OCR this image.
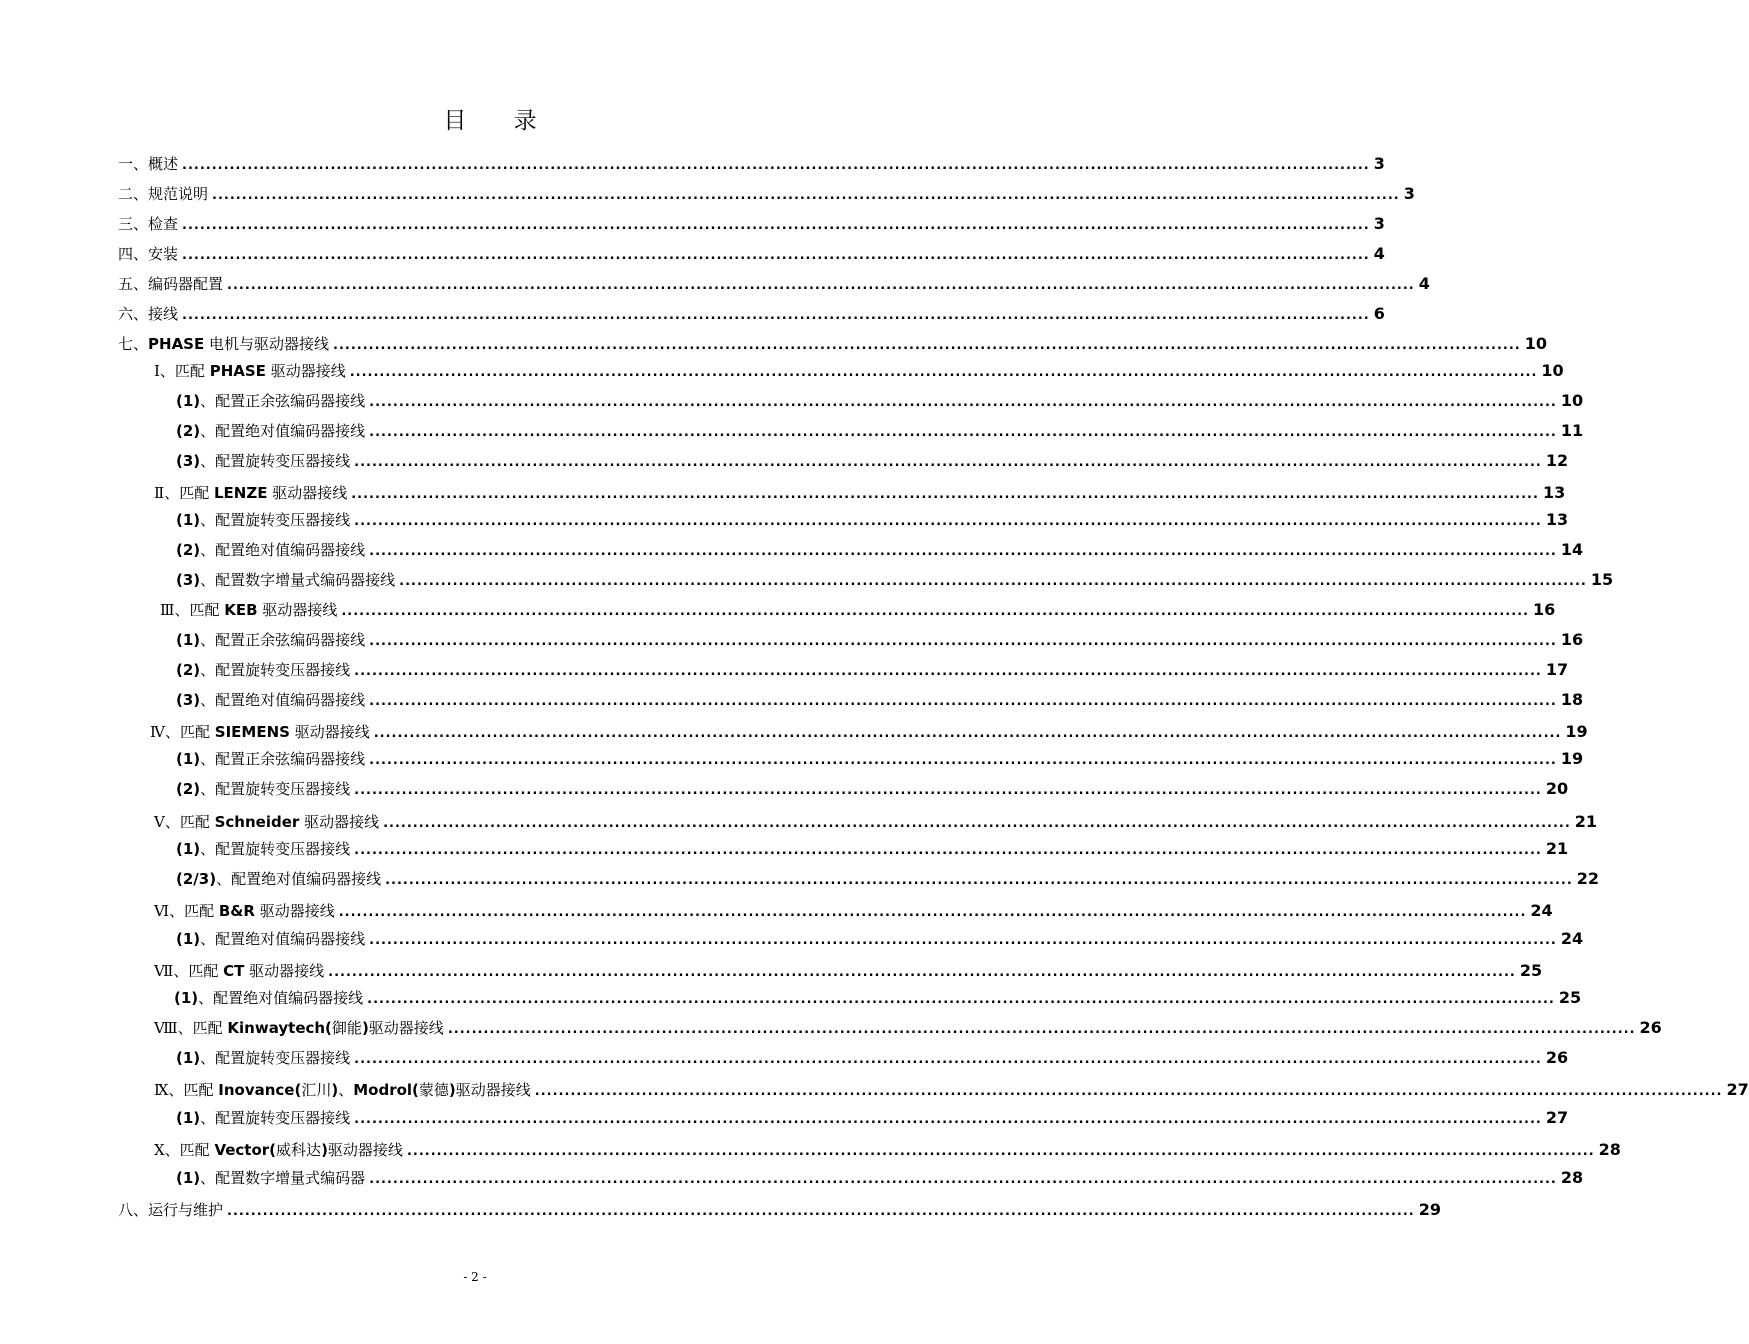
目 录
一、概述 ........................................................................................................................................................................................................ 3
二、规范说明 ........................................................................................................................................................................................................ 3
三、检查 ........................................................................................................................................................................................................ 3
四、安装 ........................................................................................................................................................................................................ 4
五、编码器配置 ........................................................................................................................................................................................................ 4
六、接线 ........................................................................................................................................................................................................ 6
七、PHASE 电机与驱动器接线 ........................................................................................................................................................................................................ 10
Ⅰ、匹配 PHASE 驱动器接线 ........................................................................................................................................................................................................ 10
(1)、配置正余弦编码器接线 ........................................................................................................................................................................................................ 10
(2)、配置绝对值编码器接线 ........................................................................................................................................................................................................ 11
(3)、配置旋转变压器接线 ........................................................................................................................................................................................................ 12
Ⅱ、匹配 LENZE 驱动器接线 ........................................................................................................................................................................................................ 13
(1)、配置旋转变压器接线 ........................................................................................................................................................................................................ 13
(2)、配置绝对值编码器接线 ........................................................................................................................................................................................................ 14
(3)、配置数字增量式编码器接线 ........................................................................................................................................................................................................ 15
Ⅲ、匹配 KEB 驱动器接线 ........................................................................................................................................................................................................ 16
(1)、配置正余弦编码器接线 ........................................................................................................................................................................................................ 16
(2)、配置旋转变压器接线 ........................................................................................................................................................................................................ 17
(3)、配置绝对值编码器接线 ........................................................................................................................................................................................................ 18
Ⅳ、匹配 SIEMENS 驱动器接线 ........................................................................................................................................................................................................ 19
(1)、配置正余弦编码器接线 ........................................................................................................................................................................................................ 19
(2)、配置旋转变压器接线 ........................................................................................................................................................................................................ 20
Ⅴ、匹配 Schneider 驱动器接线 ........................................................................................................................................................................................................ 21
(1)、配置旋转变压器接线 ........................................................................................................................................................................................................ 21
(2/3)、配置绝对值编码器接线 ........................................................................................................................................................................................................ 22
Ⅵ、匹配 B&R 驱动器接线 ........................................................................................................................................................................................................ 24
(1)、配置绝对值编码器接线 ........................................................................................................................................................................................................ 24
Ⅶ、匹配 CT 驱动器接线 ........................................................................................................................................................................................................ 25
(1)、配置绝对值编码器接线 ........................................................................................................................................................................................................ 25
Ⅷ、匹配 Kinwaytech(御能)驱动器接线 ........................................................................................................................................................................................................ 26
(1)、配置旋转变压器接线 ........................................................................................................................................................................................................ 26
Ⅸ、匹配 Inovance(汇川)、Modrol(蒙德)驱动器接线 ........................................................................................................................................................................................................ 27
(1)、配置旋转变压器接线 ........................................................................................................................................................................................................ 27
Ⅹ、匹配 Vector(威科达)驱动器接线 ........................................................................................................................................................................................................ 28
(1)、配置数字增量式编码器 ........................................................................................................................................................................................................ 28
八、运行与维护 ........................................................................................................................................................................................................ 29
- 2 -
